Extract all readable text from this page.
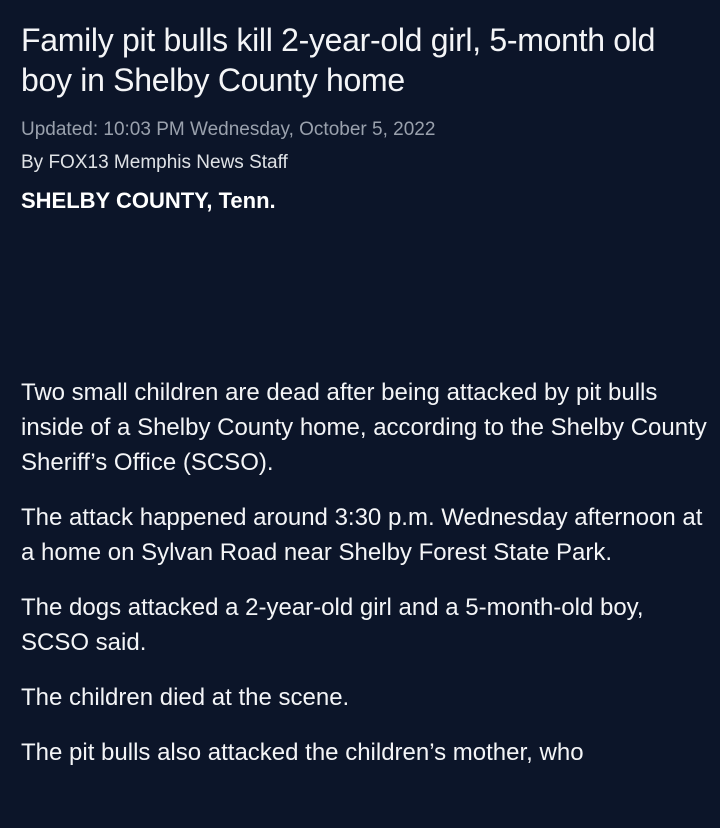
Family pit bulls kill 2-year-old girl, 5-month old boy in Shelby County home
Updated: 10:03 PM Wednesday, October 5, 2022
By FOX13 Memphis News Staff
SHELBY COUNTY, Tenn.

Two small children are dead after being attacked by pit bulls inside of a Shelby County home, according to the Shelby County Sheriff’s Office (SCSO).

The attack happened around 3:30 p.m. Wednesday afternoon at a home on Sylvan Road near Shelby Forest State Park.

The dogs attacked a 2-year-old girl and a 5-month-old boy, SCSO said.

The children died at the scene.

The pit bulls also attacked the children’s mother, who
